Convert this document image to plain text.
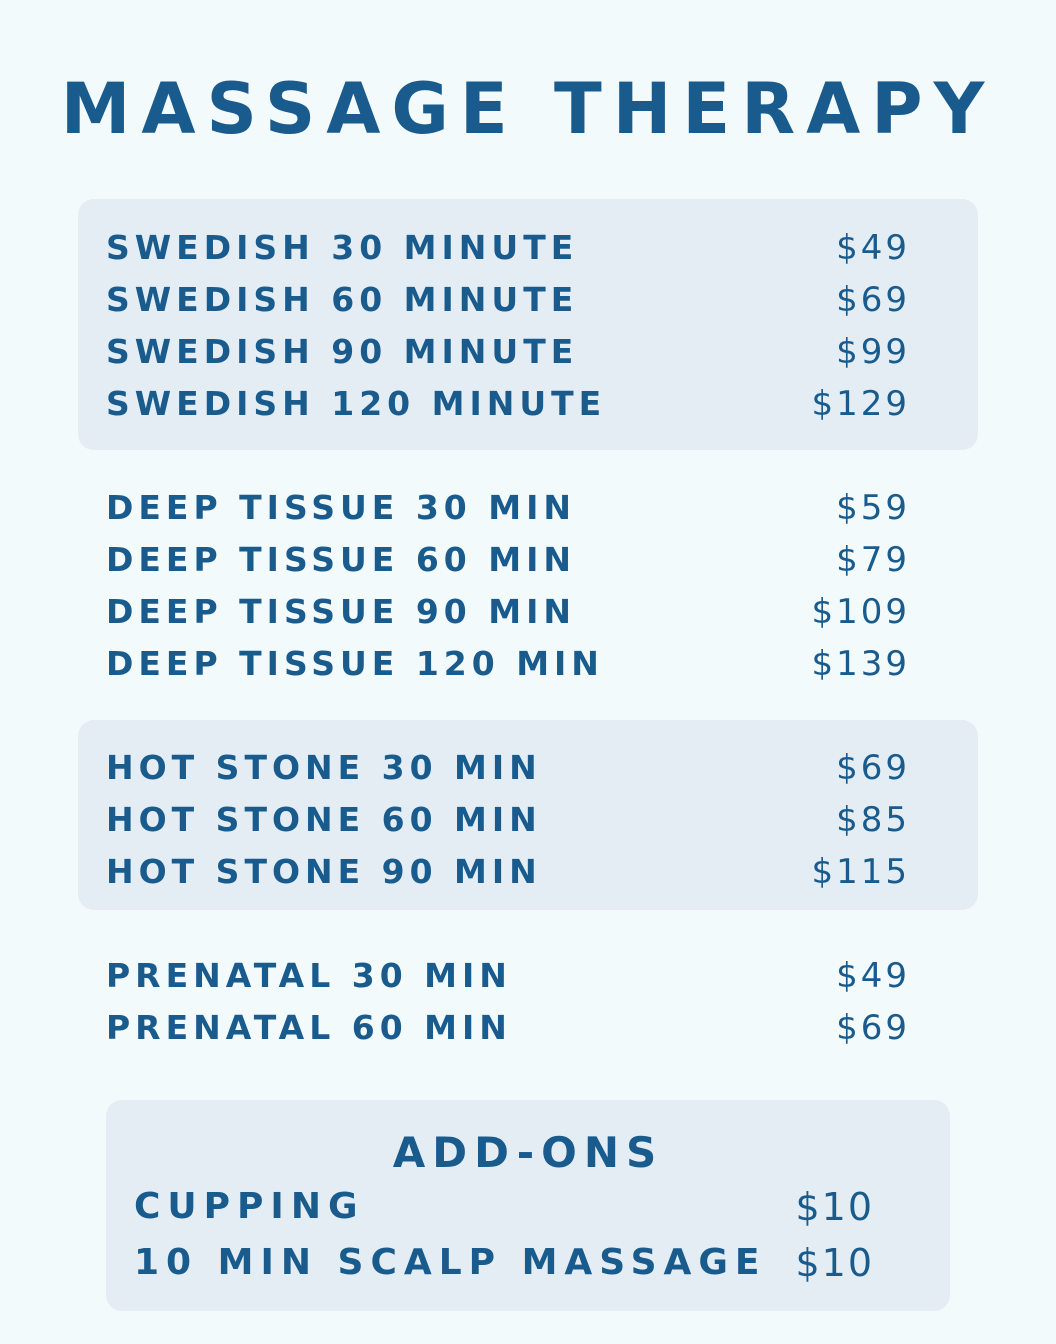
MASSAGE THERAPY
SWEDISH 30 MINUTE	$49
SWEDISH 60 MINUTE	$69
SWEDISH 90 MINUTE	$99
SWEDISH 120 MINUTE	$129
DEEP TISSUE 30 MIN	$59
DEEP TISSUE 60 MIN	$79
DEEP TISSUE 90 MIN	$109
DEEP TISSUE 120 MIN	$139
HOT STONE 30 MIN	$69
HOT STONE 60 MIN	$85
HOT STONE 90 MIN	$115
PRENATAL 30 MIN	$49
PRENATAL 60 MIN	$69
ADD-ONS
CUPPING	$10
10 MIN SCALP MASSAGE $10
